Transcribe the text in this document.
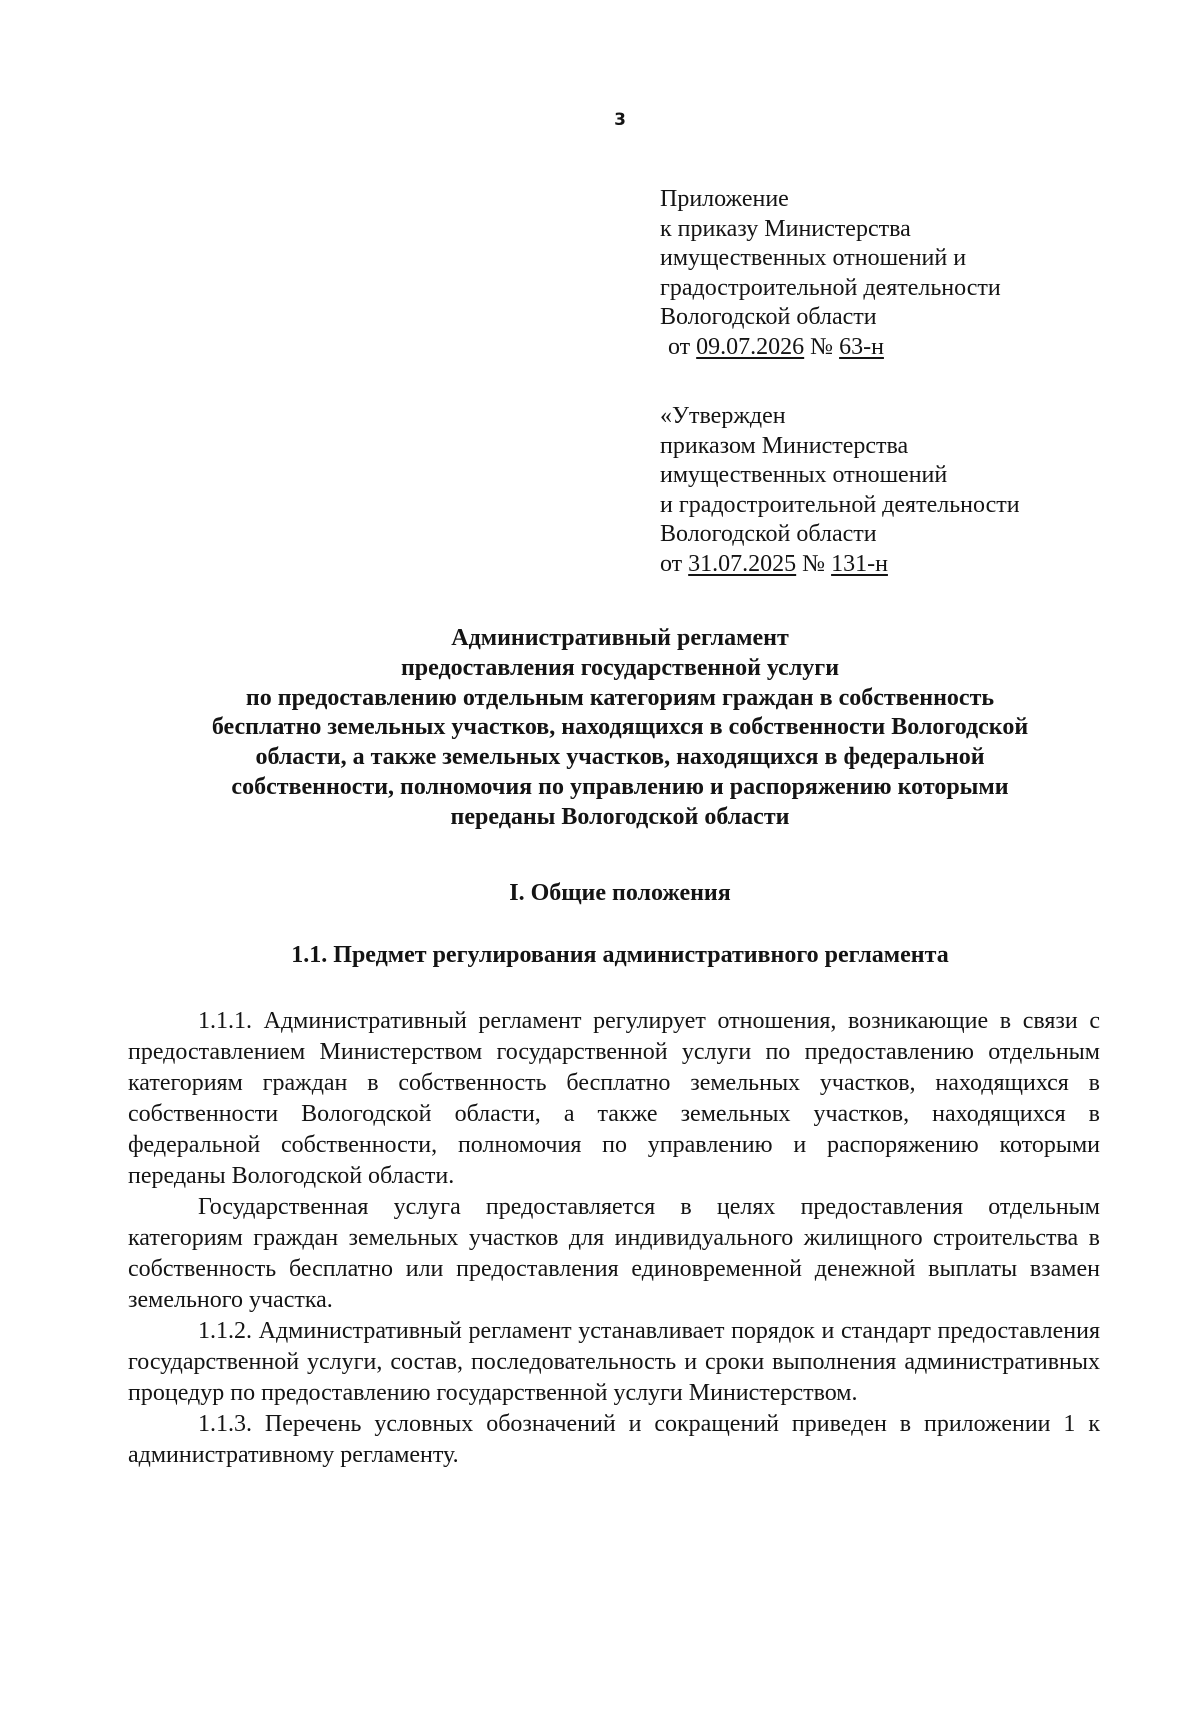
3
Приложение
к приказу Министерства
имущественных отношений и
градостроительной деятельности
Вологодской области
от 09.07.2026 № 63-н
«Утвержден
приказом Министерства
имущественных отношений
и градостроительной деятельности
Вологодской области
от 31.07.2025 № 131-н
Административный регламент
предоставления государственной услуги
по предоставлению отдельным категориям граждан в собственность
бесплатно земельных участков, находящихся в собственности Вологодской
области, а также земельных участков, находящихся в федеральной
собственности, полномочия по управлению и распоряжению которыми
переданы Вологодской области
I. Общие положения
1.1. Предмет регулирования административного регламента

1.1.1. Административный регламент регулирует отношения, возникающие в связи с предоставлением Министерством государственной услуги по предоставлению отдельным категориям граждан в собственность бесплатно земельных участков, находящихся в собственности Вологодской области, а также земельных участков, находящихся в федеральной собственности, полномочия по управлению и распоряжению которыми переданы Вологодской области.

Государственная услуга предоставляется в целях предоставления отдельным категориям граждан земельных участков для индивидуального жилищного строительства в собственность бесплатно или предоставления единовременной денежной выплаты взамен земельного участка.

1.1.2. Административный регламент устанавливает порядок и стандарт предоставления государственной услуги, состав, последовательность и сроки выполнения административных процедур по предоставлению государственной услуги Министерством.

1.1.3. Перечень условных обозначений и сокращений приведен в приложении 1 к административному регламенту.
